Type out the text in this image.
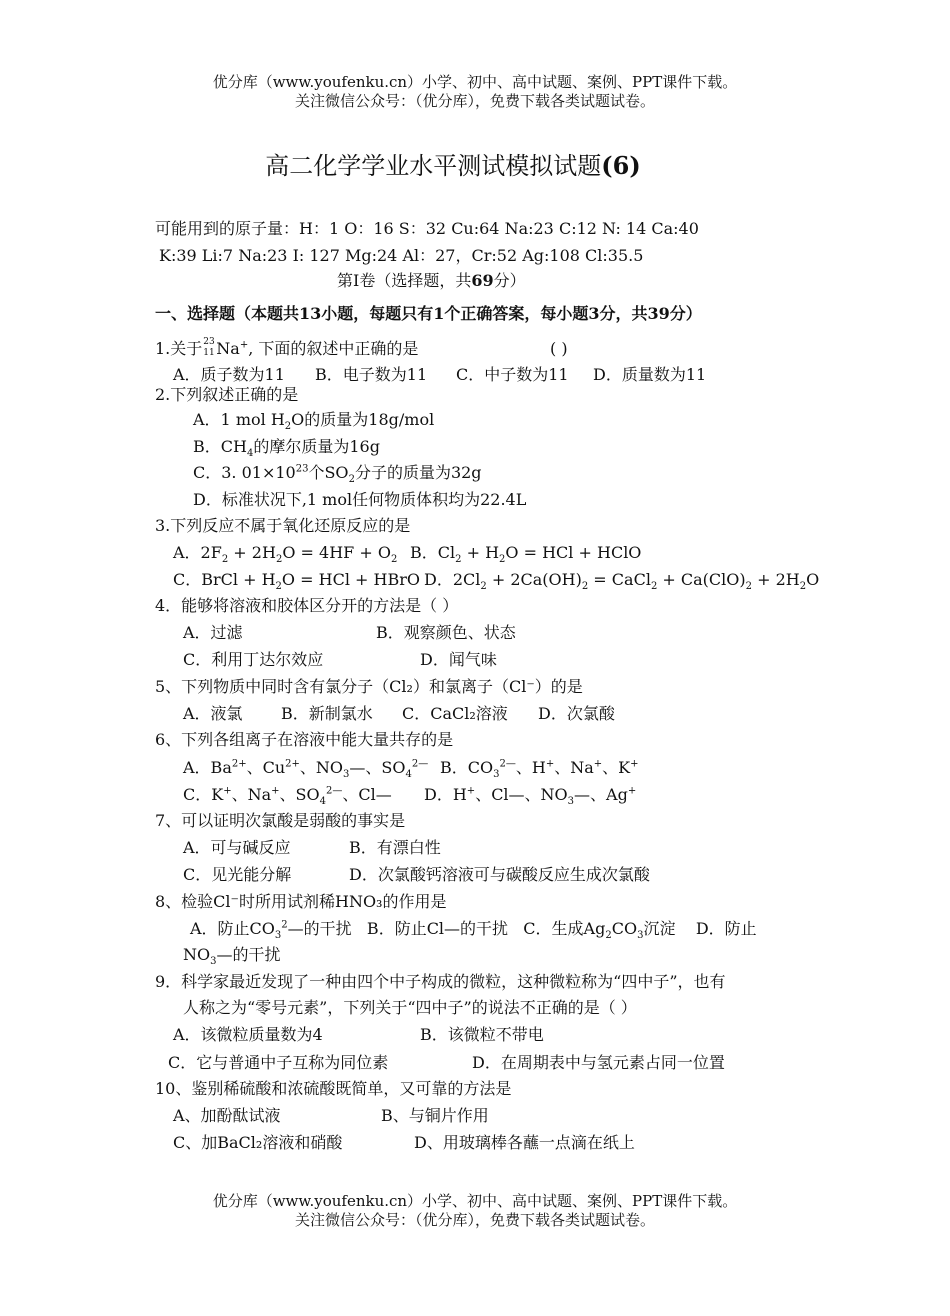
优分库（www.youfenku.cn）小学、初中、高中试题、案例、PPT课件下载。
关注微信公众号：（优分库），免费下载各类试题试卷。
高二化学学业水平测试模拟试题(6)
可能用到的原子量：H：1 O：16 S：32 Cu:64 Na:23 C:12 N: 14 Ca:40
K:39 Li:7 Na:23 I: 127 Mg:24 Al：27，Cr:52 Ag:108 Cl:35.5
第Ⅰ卷（选择题，共69分）
一、选择题（本题共13小题，每题只有1个正确答案，每小题3分，共39分）
1.关于 23
11 Na+, 下面的叙述中正确的是	( )
A．质子数为11 B．电子数为11 C．中子数为11 D．质量数为11
2.下列叙述正确的是
A．1 mol $H_2O$的质量为18g/mol
B．$CH_4$的摩尔质量为16g
C．3. $01\times 10^{23}$个$SO_2$分子的质量为32g
D．标准状况下,1 mol任何物质体积均为22.4L
3.下列反应不属于氧化还原反应的是
A．$2F_2 + 2H_2O = 4HF + O_2$ B．$Cl_2 + H_2O$ = HCl + HClO
C．BrCl + $H_2O$ = HCl + HBrO D．$2Cl_2 + 2Ca(OH)_2$ = CaCl$_2$ + $Ca(ClO)_2 + 2H_2O$
4．能够将溶液和胶体区分开的方法是（ ）
A．过滤	B．观察颜色、状态
C．利用丁达尔效应	D．闻气味
5、下列物质中同时含有氯分子（Cl₂）和氯离子（Cl⁻）的是
A．液氯 B．新制氯水 C．CaCl₂溶液 D．次氯酸
6、下列各组离子在溶液中能大量共存的是
A．$Ba^{2+}$、$Cu^{2+}$、$NO_3—$、$SO_4^{2—}$ B．$CO_3^{2—}$、H+、Na+、K+
C．K+、Na+、$SO_4^{2—}$、Cl— D．H+、Cl—、$NO_3—$、Ag+
7、可以证明次氯酸是弱酸的事实是
A．可与碱反应	B．有漂白性
C．见光能分解	D．次氯酸钙溶液可与碳酸反应生成次氯酸
8、检验Cl⁻时所用试剂稀HNO₃的作用是
A．防止$CO_3^2—$的干扰   B．防止Cl—的干扰   C．生成$Ag_2CO_3$沉淀    D．防止
$NO_3—$的干扰
9．科学家最近发现了一种由四个中子构成的微粒，这种微粒称为“四中子”，也有
人称之为“零号元素”，下列关于“四中子”的说法不正确的是（ ）
A．该微粒质量数为4	B．该微粒不带电
C．它与普通中子互称为同位素	D．在周期表中与氢元素占同一位置
10、鉴别稀硫酸和浓硫酸既简单，又可靠的方法是
A、加酚酞试液	B、与铜片作用
C、加BaCl₂溶液和硝酸	D、用玻璃棒各蘸一点滴在纸上
优分库（www.youfenku.cn）小学、初中、高中试题、案例、PPT课件下载。
关注微信公众号：（优分库），免费下载各类试题试卷。
